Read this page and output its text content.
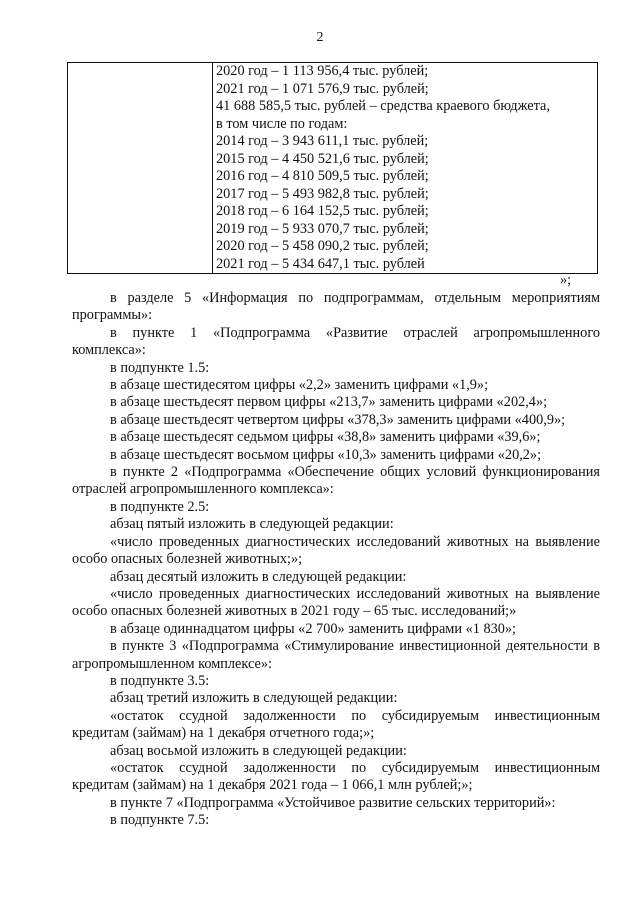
2

2020 год – 1 113 956,4 тыс. рублей;
2021 год – 1 071 576,9 тыс. рублей;
41 688 585,5 тыс. рублей – средства краевого бюджета,
в том числе по годам:
2014 год – 3 943 611,1 тыс. рублей;
2015 год – 4 450 521,6 тыс. рублей;
2016 год – 4 810 509,5 тыс. рублей;
2017 год – 5 493 982,8 тыс. рублей;
2018 год – 6 164 152,5 тыс. рублей;
2019 год – 5 933 070,7 тыс. рублей;
2020 год – 5 458 090,2 тыс. рублей;
2021 год – 5 434 647,1 тыс. рублей
»;

в разделе 5 «Информация по подпрограммам, отдельным мероприятиям программы»:

в пункте 1 «Подпрограмма «Развитие отраслей агропромышленного комплекса»:

в подпункте 1.5:

в абзаце шестидесятом цифры «2,2» заменить цифрами «1,9»;

в абзаце шестьдесят первом цифры «213,7» заменить цифрами «202,4»;

в абзаце шестьдесят четвертом цифры «378,3» заменить цифрами «400,9»;

в абзаце шестьдесят седьмом цифры «38,8» заменить цифрами «39,6»;

в абзаце шестьдесят восьмом цифры «10,3» заменить цифрами «20,2»;

в пункте 2 «Подпрограмма «Обеспечение общих условий функционирования отраслей агропромышленного комплекса»:

в подпункте 2.5:

абзац пятый изложить в следующей редакции:

«число проведенных диагностических исследований животных на выявление особо опасных болезней животных;»;

абзац десятый изложить в следующей редакции:

«число проведенных диагностических исследований животных на выявление особо опасных болезней животных в 2021 году – 65 тыс. исследований;»

в абзаце одиннадцатом цифры «2 700» заменить цифрами «1 830»;

в пункте 3 «Подпрограмма «Стимулирование инвестиционной деятельности в агропромышленном комплексе»:

в подпункте 3.5:

абзац третий изложить в следующей редакции:

«остаток ссудной задолженности по субсидируемым инвестиционным кредитам (займам) на 1 декабря отчетного года;»;

абзац восьмой изложить в следующей редакции:

«остаток ссудной задолженности по субсидируемым инвестиционным кредитам (займам) на 1 декабря 2021 года – 1 066,1 млн рублей;»;

в пункте 7 «Подпрограмма «Устойчивое развитие сельских территорий»:

в подпункте 7.5:
